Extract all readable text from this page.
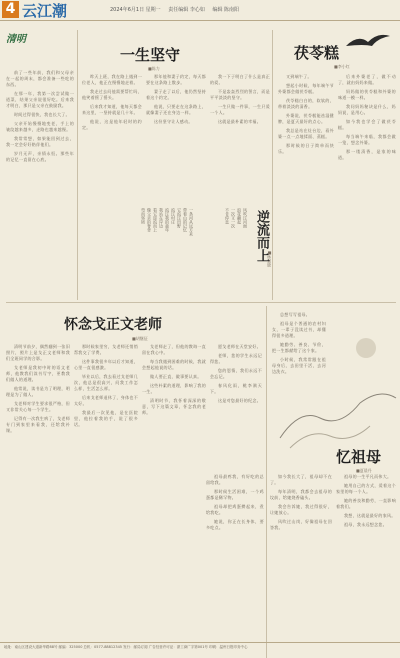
4 云江潮	2024年6月1日 星期一 责任编辑 李心如 编辑 陈南阳
清明

前了一些年前，我们和父母亲在一起的周末，都会准备一些吃的东西。

在那一年，我第一次尝试做一道菜，结果父亲说很好吃。后来我才明白，那只是父亲在鼓励我。

时间过得很快，我也长大了。

父亲开始慢慢地变老，手上的皱纹越来越多，走路也越来越慢。

我常常想，如果能回到过去，我一定会好好陪伴他们。

岁月无声，亲情永恒。那些年的记忆一直留在心底。

一生坚守
■陈力

昨天上班，我在路上遇到一位老人，他正在慢慢地走着。

我走过去问他需要帮忙吗，他笑着摇了摇头。

后来我才知道，他每天都会来这里，一坚持就是几十年。

他说，这是他年轻时的约定。

那年他和妻子约定，每天都要在这条路上散步。

妻子走了以后，他仍然坚持着这个约定。

他说，只要走在这条路上，就像妻子还在身边一样。

这份坚守让人感动。

我一下子明白了什么是真正的爱。

不是轰轰烈烈的誓言，而是平平淡淡的坚守。

一生只做一件事，一生只爱一个人。

这就是最朴素的幸福。

一条河从远方来
带着山的记忆
它流过田野
流过村庄
流过我的童年
我站在岸边
看它逆流而上
像父亲的脊背
弯而坚韧	风吹过河面
浪花翻起
一次又一次
不肯停息	逆流而上
■林强晓
茯苓糕
■李小红

又到端午了。

想起小时候，每年端午节外婆都会做茯苓糕。

茯苓糕白白的，软软的，带着淡淡的清香。

外婆说，茯苓糕能祛湿健脾，是夏天最好的点心。

我总是站在灶台边，看外婆一点一点地揉面、蒸糕。

那时候的日子简单而快乐。

后来外婆老了，做不动了，就由妈妈来做。

妈妈做的茯苓糕和外婆的味道一模一样。

我问妈妈秘诀是什么，妈妈说，是用心。

如今我也学会了做茯苓糕。

每当端午来临，我都会做一笼，想念外婆。

那一缕清香，是家的味道。

怀念戈正文老师
■胡继征

清明节前夕，偶然翻到一张旧照片，照片上是戈正文老师和我们全班同学的合影。

戈老师是我初中时的语文老师，他教我们读书写字，更教我们做人的道理。

他常说，读书是为了明理，明理是为了做人。

戈老师对学生要求很严格，但又非常关心每一个学生。

记得有一次我生病了，戈老师专门到家里来看我，还给我补课。

那时候家里穷，戈老师还悄悄帮我交了学费。

这件事我很多年以后才知道，心里一直很感激。

毕业以后，我去看过戈老师几次，他总是很高兴，问我工作怎么样，生活怎么样。

后来戈老师退休了，身体也不太好。

我最后一次见他，是在医院里，他拉着我的手，说了很多话。

戈老师走了，但他的教诲一直留在我心中。

每当我遇到困难的时候，我就会想起他说的话。

做人要正直，做事要认真。

这些朴素的道理，影响了我的一生。

清明时节，我怀着深深的敬意，写下这篇文章，怀念我的老师。

愿戈老师在天堂安好。

老师，您的学生永远记得您。

您的恩情，我们永远不会忘记。

春风化雨，桃李满天下。

这是对您最好的纪念。

总想写写祖母。

祖母是个普通的农村妇女，一辈子没读过书，却懂得很多道理。

她勤劳、善良、节俭，把一生都献给了这个家。

小时候，我常常跟在祖母身后，去田里干活，去河边洗衣。

忆祖母
■夏晨丹

祖母最疼我，有好吃的总留给我。

那时候生活困难，一个鸡蛋都是稀罕物。

祖母却把鸡蛋攒起来，煮给我吃。

她说，你正在长身体，要多吃点。

如今我长大了，祖母却不在了。

每年清明，我都会去祖母的坟前，给她烧香磕头。

我会告诉她，我过得很好，让她放心。

风吹过山岗，好像祖母在回答我。

祖母的一生平凡而伟大。

她用自己的方式，爱着这个家里的每一个人。

她的善良和勤劳，一直影响着我们。

我想，这就是最好的家风。

祖母，我永远想念您。

地址：南山区建设大道新华路88号 邮编：325000 总机：0577-88812345 发行：邮局订阅 广告经营许可证：浙工商广字第001号 印刷：温州日报印务中心
